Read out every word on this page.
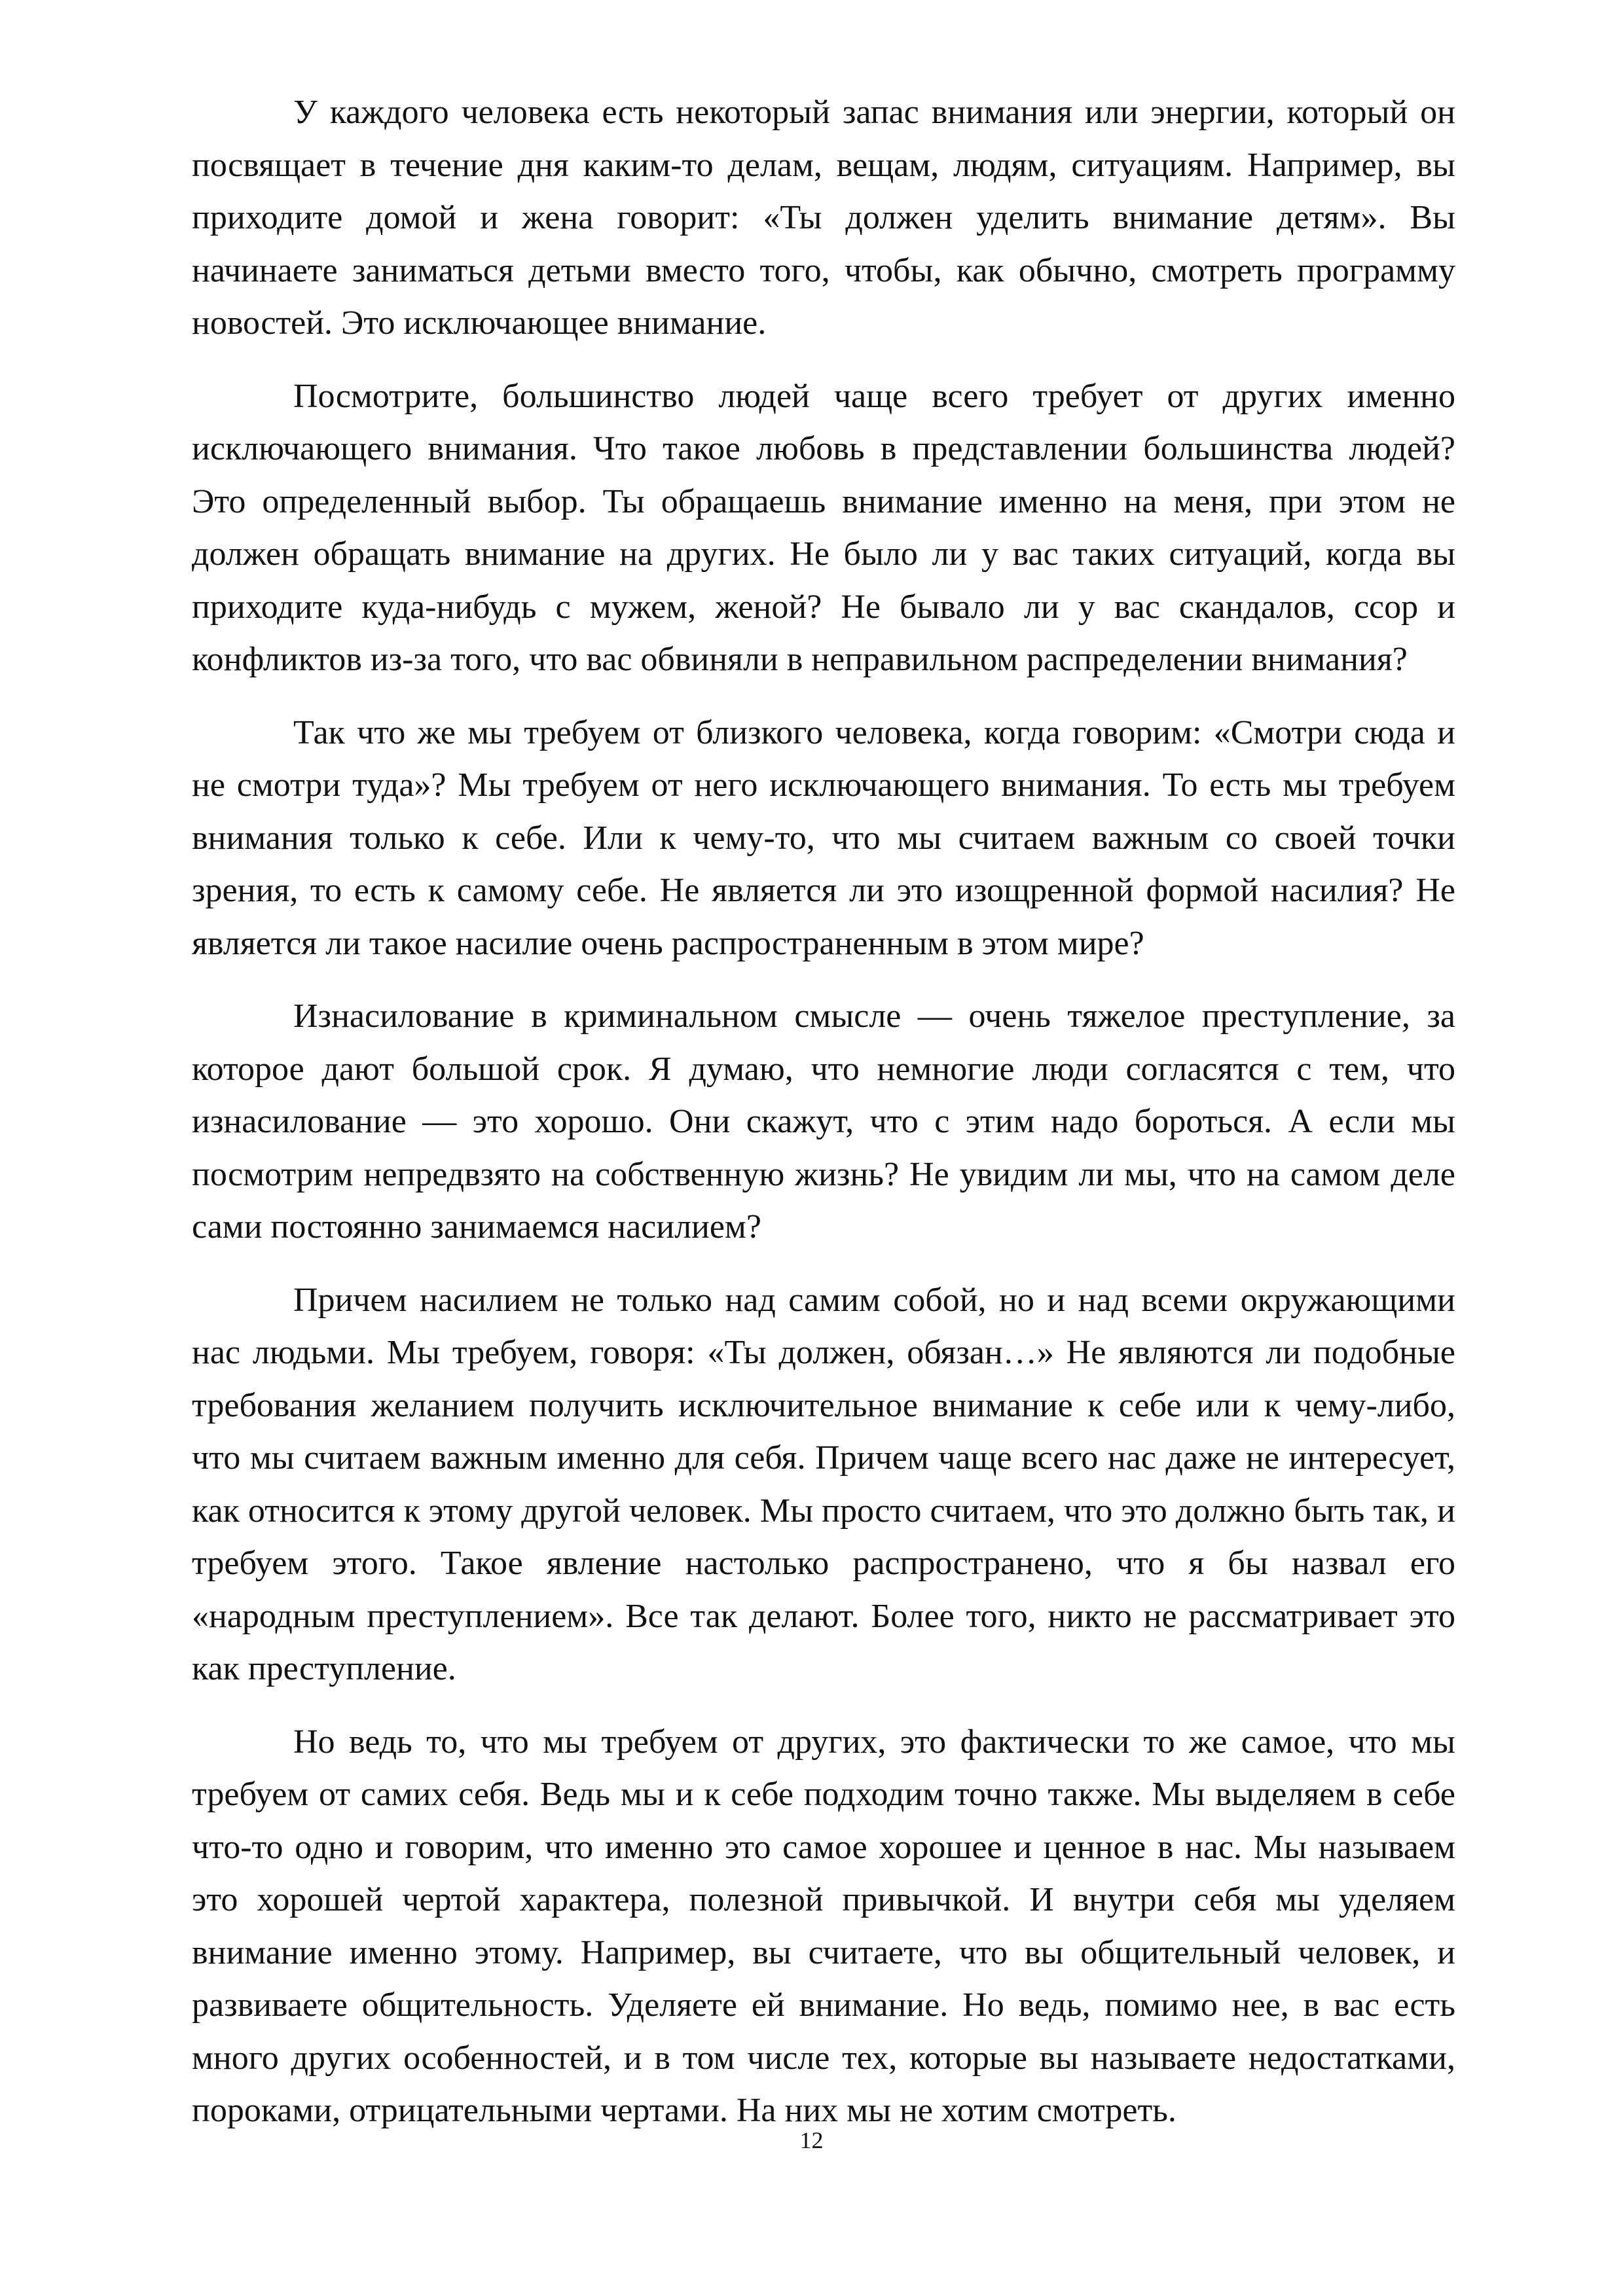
У каждого человека есть некоторый запас внимания или энергии, который он посвящает в течение дня каким-то делам, вещам, людям, ситуациям. Например, вы приходите домой и жена говорит: «Ты должен уделить внимание детям». Вы начинаете заниматься детьми вместо того, чтобы, как обычно, смотреть программу новостей. Это исключающее внимание.

Посмотрите, большинство людей чаще всего требует от других именно исключающего внимания. Что такое любовь в представлении большинства людей? Это определенный выбор. Ты обращаешь внимание именно на меня, при этом не должен обращать внимание на других. Не было ли у вас таких ситуаций, когда вы приходите куда-нибудь с мужем, женой? Не бывало ли у вас скандалов, ссор и конфликтов из-за того, что вас обвиняли в неправильном распределении внимания?

Так что же мы требуем от близкого человека, когда говорим: «Смотри сюда и не смотри туда»? Мы требуем от него исключающего внимания. То есть мы требуем внимания только к себе. Или к чему-то, что мы считаем важным со своей точки зрения, то есть к самому себе. Не является ли это изощренной формой насилия? Не является ли такое насилие очень распространенным в этом мире?

Изнасилование в криминальном смысле — очень тяжелое преступление, за которое дают большой срок. Я думаю, что немногие люди согласятся с тем, что изнасилование — это хорошо. Они скажут, что с этим надо бороться. А если мы посмотрим непредвзято на собственную жизнь? Не увидим ли мы, что на самом деле сами постоянно занимаемся насилием?

Причем насилием не только над самим собой, но и над всеми окружающими нас людьми. Мы требуем, говоря: «Ты должен, обязан…» Не являются ли подобные требования желанием получить исключительное внимание к себе или к чему-либо, что мы считаем важным именно для себя. Причем чаще всего нас даже не интересует, как относится к этому другой человек. Мы просто считаем, что это должно быть так, и требуем этого. Такое явление настолько распространено, что я бы назвал его «народным преступлением». Все так делают. Более того, никто не рассматривает это как преступление.

Но ведь то, что мы требуем от других, это фактически то же самое, что мы требуем от самих себя. Ведь мы и к себе подходим точно также. Мы выделяем в себе что-то одно и говорим, что именно это самое хорошее и ценное в нас. Мы называем это хорошей чертой характера, полезной привычкой. И внутри себя мы уделяем внимание именно этому. Например, вы считаете, что вы общительный человек, и развиваете общительность. Уделяете ей внимание. Но ведь, помимо нее, в вас есть много других особенностей, и в том числе тех, которые вы называете недостатками, пороками, отрицательными чертами. На них мы не хотим смотреть.

12
